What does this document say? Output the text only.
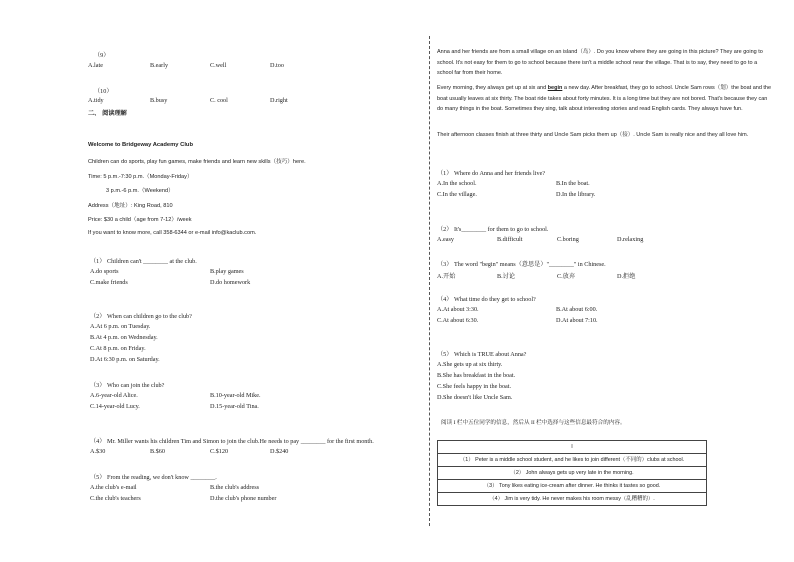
（9）
A.late	B.early	C.well	D.too
（10）
A.tidy	B.busy	C. cool	D.right
二、 阅读理解
Welcome to Bridgeway Academy Club
Children can do sports, play fun games, make friends and learn new skills（技巧）here.
Time: 5 p.m.-7:30 p.m.（Monday-Friday）
3 p.m.-6 p.m.（Weekend）
Address（地址）: King Road, 810
Price: $30 a child（age from 7-12）/week
If you want to know more, call 358-6344 or e-mail info@kaclub.com.
（1） Children can't ________ at the club.
A.do sports	B.play games
C.make friends	D.do homework
（2） When can children go to the club?
A.At 6 p.m. on Tuesday.
B.At 4 p.m. on Wednesday.
C.At 8 p.m. on Friday.
D.At 6:30 p.m. on Saturday.
（3） Who can join the club?
A.6-year-old Alice.	B.10-year-old Mike.
C.14-year-old Lucy.	D.15-year-old Tina.
（4） Mr. Miller wants his children Tim and Simon to join the club.He needs to pay ________ for the first month.
A.$30	B.$60	C.$120	D.$240
（5） From the reading, we don't know ________.
A.the club's e-mail	B.the club's address
C.the club's teachers	D.the club's phone number
Anna and her friends are from a small village on an island（岛）. Do you know where they are going in this picture? They are going to school. It's not easy for them to go to school because there isn't a middle school near the village. That is to say, they need to go to a school far from their home.
Every morning, they always get up at six and begin a new day. After breakfast, they go to school. Uncle Sam rows（划）the boat and the boat usually leaves at six thirty. The boat ride takes about forty minutes. It is a long time but they are not bored. That's because they can do many things in the boat. Sometimes they sing, talk about interesting stories and read English cards. They always have fun.
Their afternoon classes finish at three thirty and Uncle Sam picks them up（接）. Uncle Sam is really nice and they all love him.
（1） Where do Anna and her friends live?
A.In the school.	B.In the boat.
C.In the village.	D.In the library.
（2） It's________ for them to go to school.
A.easy	B.difficult	C.boring	D.relaxing
（3） The word "begin" means（意思是）"________" in Chinese.
A.开始	B.讨论	C.放弃	D.拒绝
（4） What time do they get to school?
A.At about 3:30.	B.At about 6:00.
C.At about 6:30.	D.At about 7:10.
（5） Which is TRUE about Anna?
A.She gets up at six thirty.
B.She has breakfast in the boat.
C.She feels happy in the boat.
D.She doesn't like Uncle Sam.
阅读 I 栏中五位同学的信息，然后从 II 栏中选择与这些信息最符合的内容。
I
（1） Peter is a middle school student, and he likes to join different（不同的）clubs at school.
（2） John always gets up very late in the morning.
（3） Tony likes eating ice-cream after dinner. He thinks it tastes so good.
（4） Jim is very tidy. He never makes his room messy（乱糟糟的）.
